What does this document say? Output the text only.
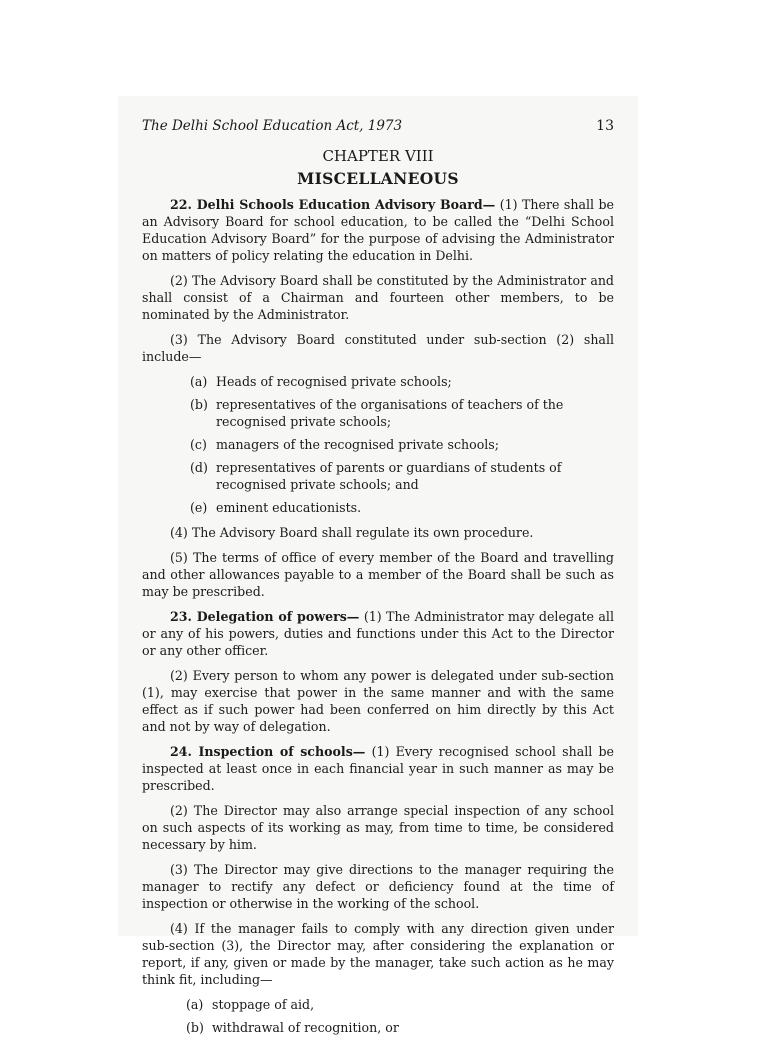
The Delhi School Education Act, 1973	13
CHAPTER VIII
MISCELLANEOUS

22. Delhi Schools Education Advisory Board— (1) There shall be an Advisory Board for school education, to be called the “Delhi School Education Advisory Board” for the purpose of advising the Administrator on matters of policy relating the education in Delhi.

(2) The Advisory Board shall be constituted by the Administrator and shall consist of a Chairman and fourteen other members, to be nominated by the Administrator.

(3) The Advisory Board constituted under sub-section (2) shall include—

(a) Heads of recognised private schools;
(b) representatives of the organisations of teachers of the recognised private schools;
(c) managers of the recognised private schools;
(d) representatives of parents or guardians of students of recognised private schools; and
(e) eminent educationists.

(4) The Advisory Board shall regulate its own procedure.

(5) The terms of office of every member of the Board and travelling and other allowances payable to a member of the Board shall be such as may be prescribed.

23. Delegation of powers— (1) The Administrator may delegate all or any of his powers, duties and functions under this Act to the Director or any other officer.

(2) Every person to whom any power is delegated under sub-section (1), may exercise that power in the same manner and with the same effect as if such power had been conferred on him directly by this Act and not by way of delegation.

24. Inspection of schools— (1) Every recognised school shall be inspected at least once in each financial year in such manner as may be prescribed.

(2) The Director may also arrange special inspection of any school on such aspects of its working as may, from time to time, be considered necessary by him.

(3) The Director may give directions to the manager requiring the manager to rectify any defect or deficiency found at the time of inspection or otherwise in the working of the school.

(4) If the manager fails to comply with any direction given under sub-section (3), the Director may, after considering the explanation or report, if any, given or made by the manager, take such action as he may think fit, including—

(a) stoppage of aid,
(b) withdrawal of recognition, or
